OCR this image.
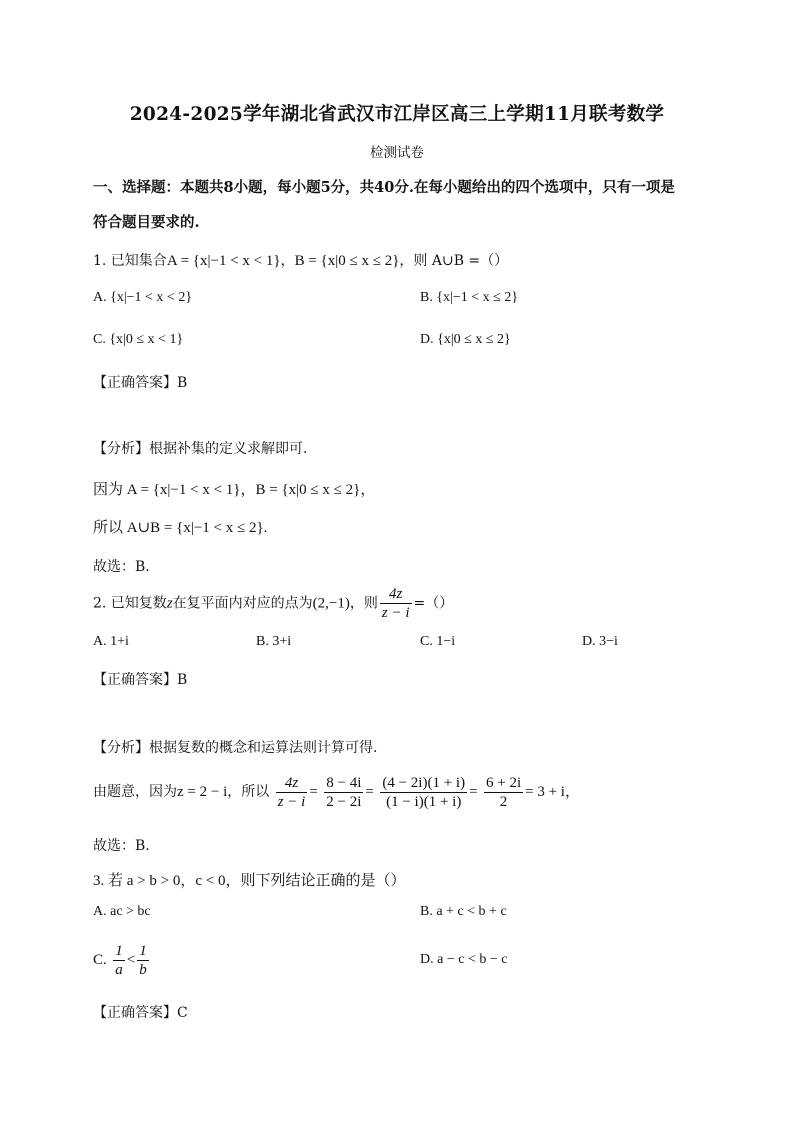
2024-2025学年湖北省武汉市江岸区高三上学期11月联考数学
检测试卷
一、选择题：本题共8小题，每小题5分，共40分.在每小题给出的四个选项中，只有一项是
符合题目要求的.
1. 已知集合A = {x|−1 < x < 1}，B = {x|0 ≤ x ≤ 2}，则 A∪B =（）
A. {x|−1 < x < 2}	B. {x|−1 < x ≤ 2}
C. {x|0 ≤ x < 1}	D. {x|0 ≤ x ≤ 2}
【正确答案】B
【分析】根据补集的定义求解即可.
因为 A = {x|−1 < x < 1}，B = {x|0 ≤ x ≤ 2}，
所以 A∪B = {x|−1 < x ≤ 2}.
故选：B.
2. 已知复数z在复平面内对应的点为(2,−1)，则 $\frac{4z}{z - i}$ =（）
A. 1+i	B. 3+i	C. 1−i	D. 3−i
【正确答案】B
【分析】根据复数的概念和运算法则计算可得.
由题意，因为z = 2 − i，所以 $\frac{4z}{z - i} = \frac{8 - 4i}{2 - 2i} = \frac{(4 - 2i)(1 + i)}{(1 - i)(1 + i)} = \frac{6 + 2i}{2} = 3 + i$，
故选：B.
3. 若 a > b > 0，c < 0，则下列结论正确的是（）
A. ac > bc	B. a + c < b + c
C. $\frac{1}{a} < \frac{1}{b}$	D. a − c < b − c
【正确答案】C
